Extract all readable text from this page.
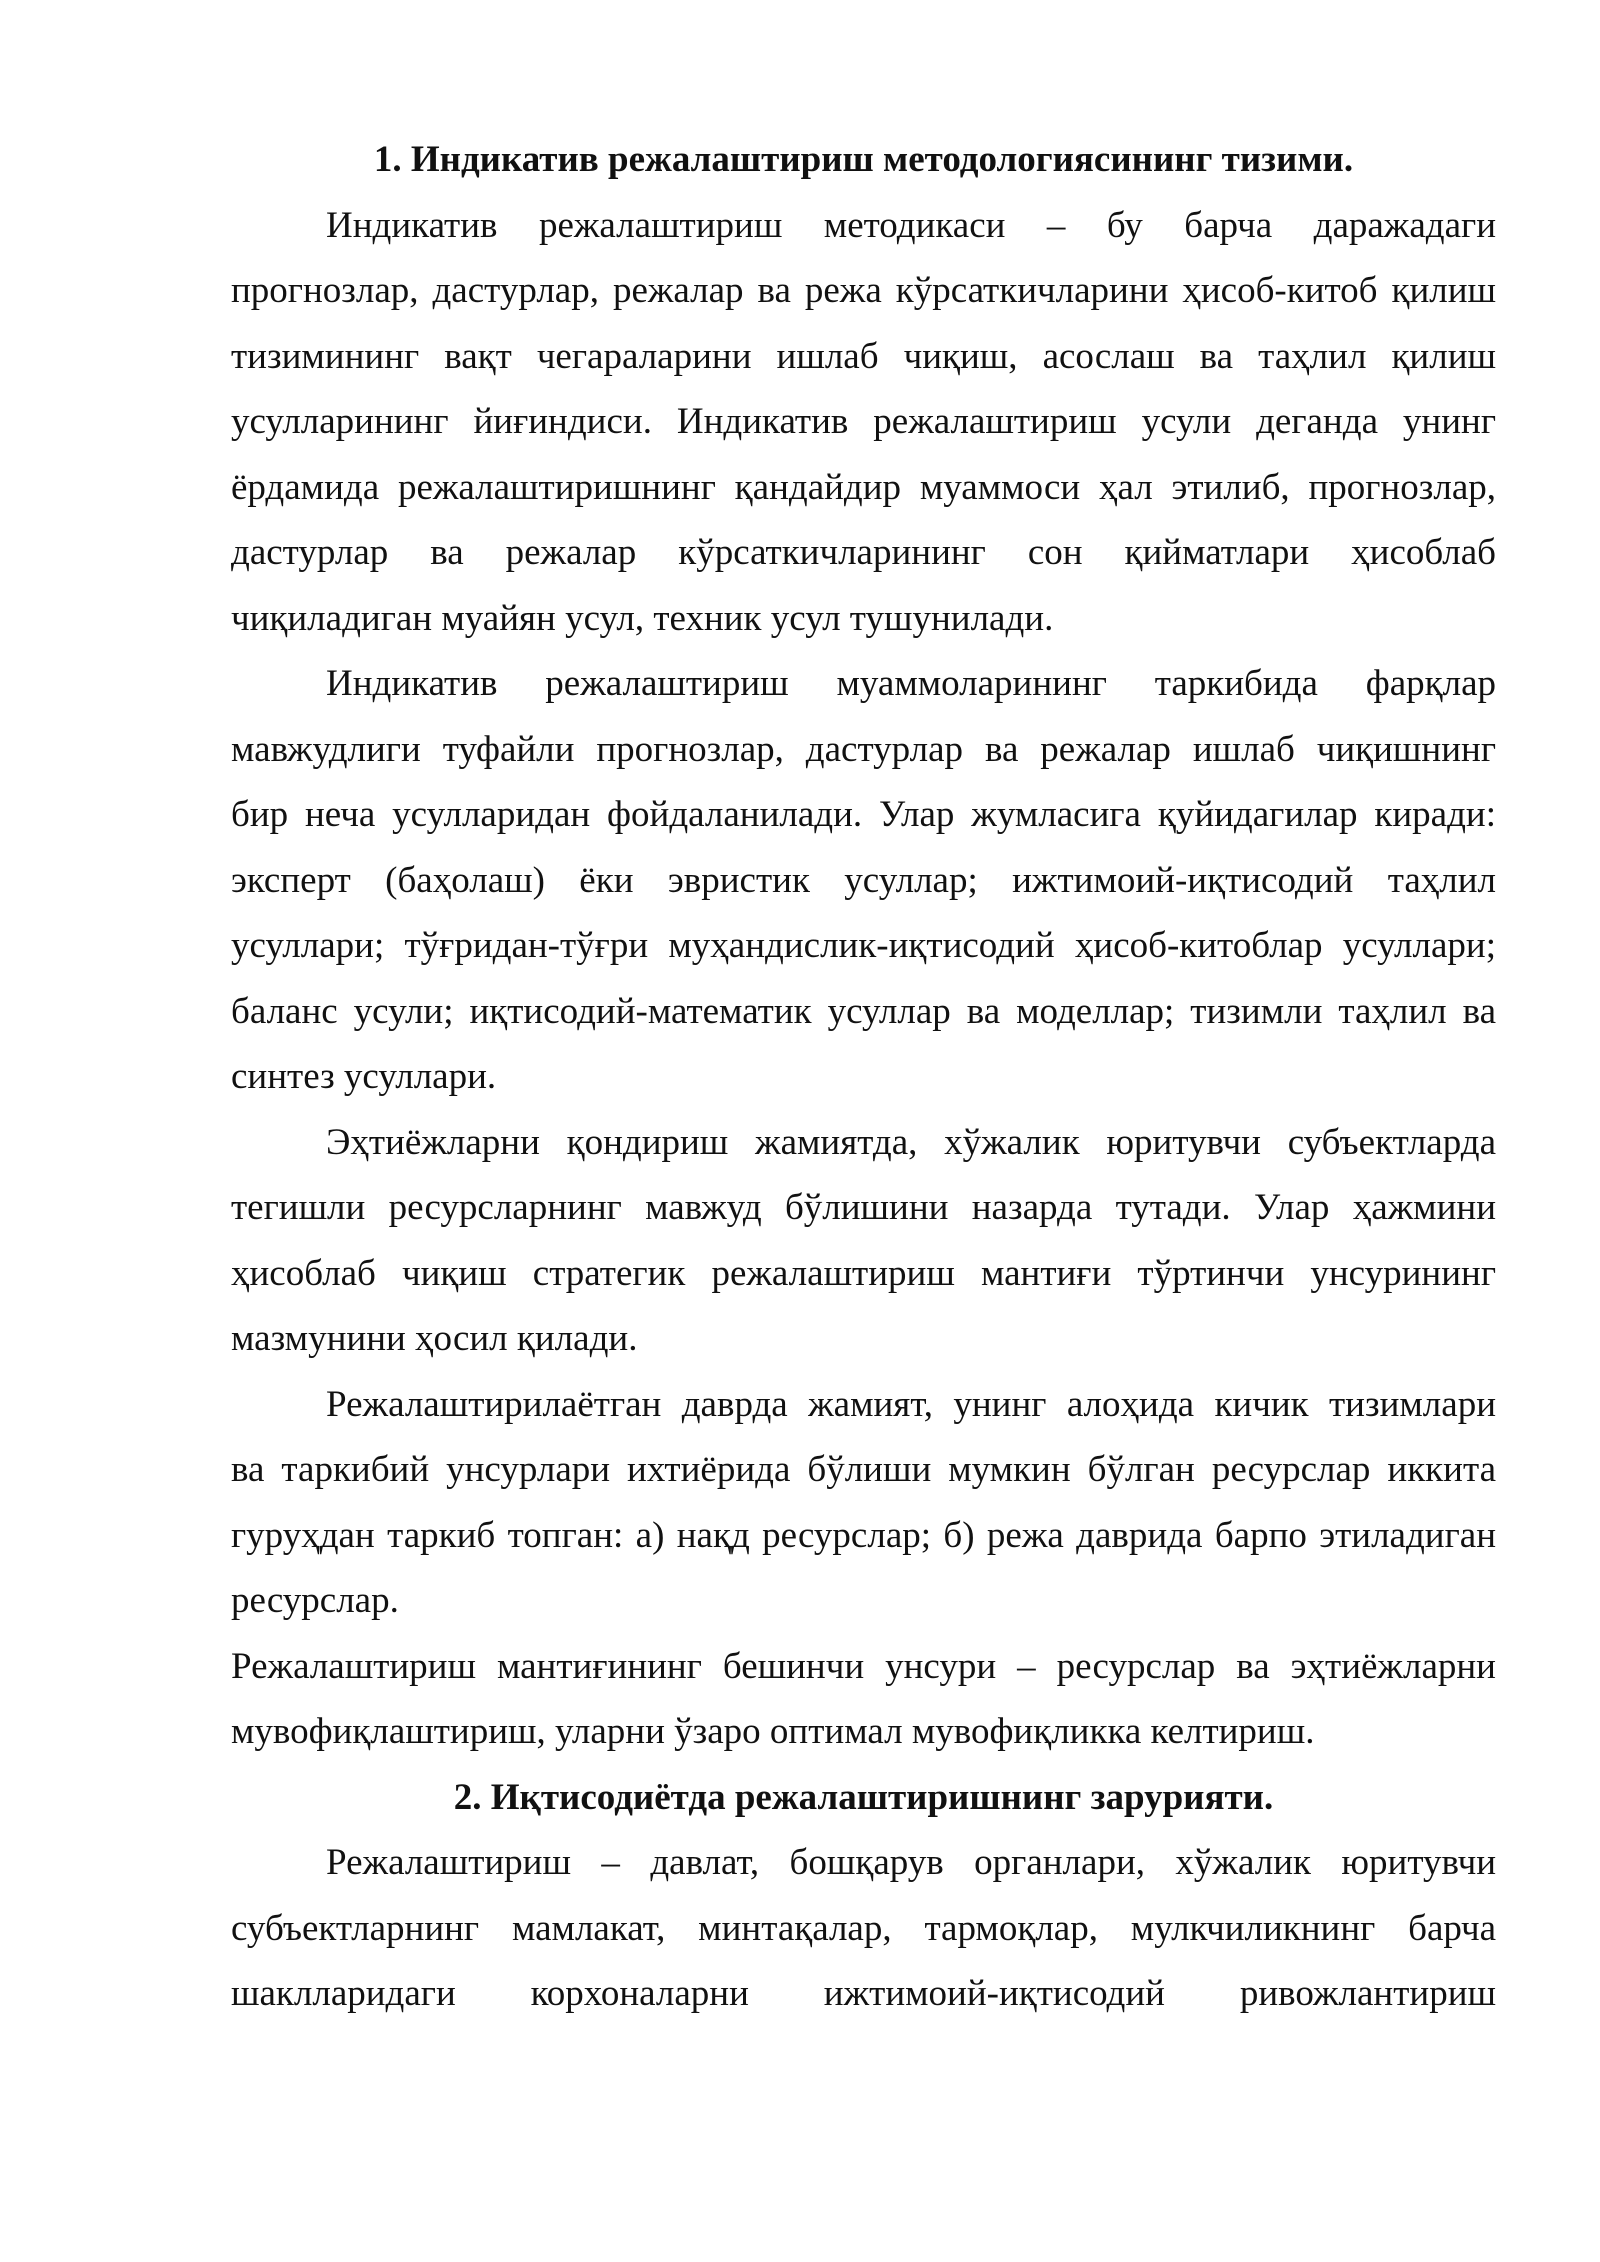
1. Индикатив режалаштириш методологиясининг тизими.

Индикатив режалаштириш методикаси – бу барча даражадаги
прогнозлар, дастурлар, режалар ва режа кўрсаткичларини ҳисоб-китоб қилиш
тизимининг вақт чегараларини ишлаб чиқиш, асослаш ва таҳлил қилиш
усулларининг йиғиндиси. Индикатив режалаштириш усули деганда унинг
ёрдамида режалаштиришнинг қандайдир муаммоси ҳал этилиб, прогнозлар,
дастурлар ва режалар кўрсаткичларининг сон қийматлари ҳисоблаб
чиқиладиган муайян усул, техник усул тушунилади.
Индикатив режалаштириш муаммоларининг таркибида фарқлар
мавжудлиги туфайли прогнозлар, дастурлар ва режалар ишлаб чиқишнинг
бир неча усулларидан фойдаланилади. Улар жумласига қуйидагилар киради:
эксперт (баҳолаш) ёки эвристик усуллар; ижтимоий-иқтисодий таҳлил
усуллари; тўғридан-тўғри муҳандислик-иқтисодий ҳисоб-китоблар усуллари;
баланс усули; иқтисодий-математик усуллар ва моделлар; тизимли таҳлил ва
синтез усуллари.
Эҳтиёжларни қондириш жамиятда, хўжалик юритувчи субъектларда
тегишли ресурсларнинг мавжуд бўлишини назарда тутади. Улар ҳажмини
ҳисоблаб чиқиш стратегик режалаштириш мантиғи тўртинчи унсурининг
мазмунини ҳосил қилади.
Режалаштирилаётган даврда жамият, унинг алоҳида кичик тизимлари
ва таркибий унсурлари ихтиёрида бўлиши мумкин бўлган ресурслар иккита
гуруҳдан таркиб топган: а) нақд ресурслар; б) режа даврида барпо этиладиган
ресурслар.
Режалаштириш мантиғининг бешинчи унсури – ресурслар ва эҳтиёжларни
мувофиқлаштириш, уларни ўзаро оптимал мувофиқликка келтириш.

2. Иқтисодиётда режалаштиришнинг зарурияти.

Режалаштириш – давлат, бошқарув органлари, хўжалик юритувчи
субъектларнинг мамлакат, минтақалар, тармоқлар, мулкчиликнинг барча
шаклларидаги корхоналарни ижтимоий-иқтисодий ривожлантириш
